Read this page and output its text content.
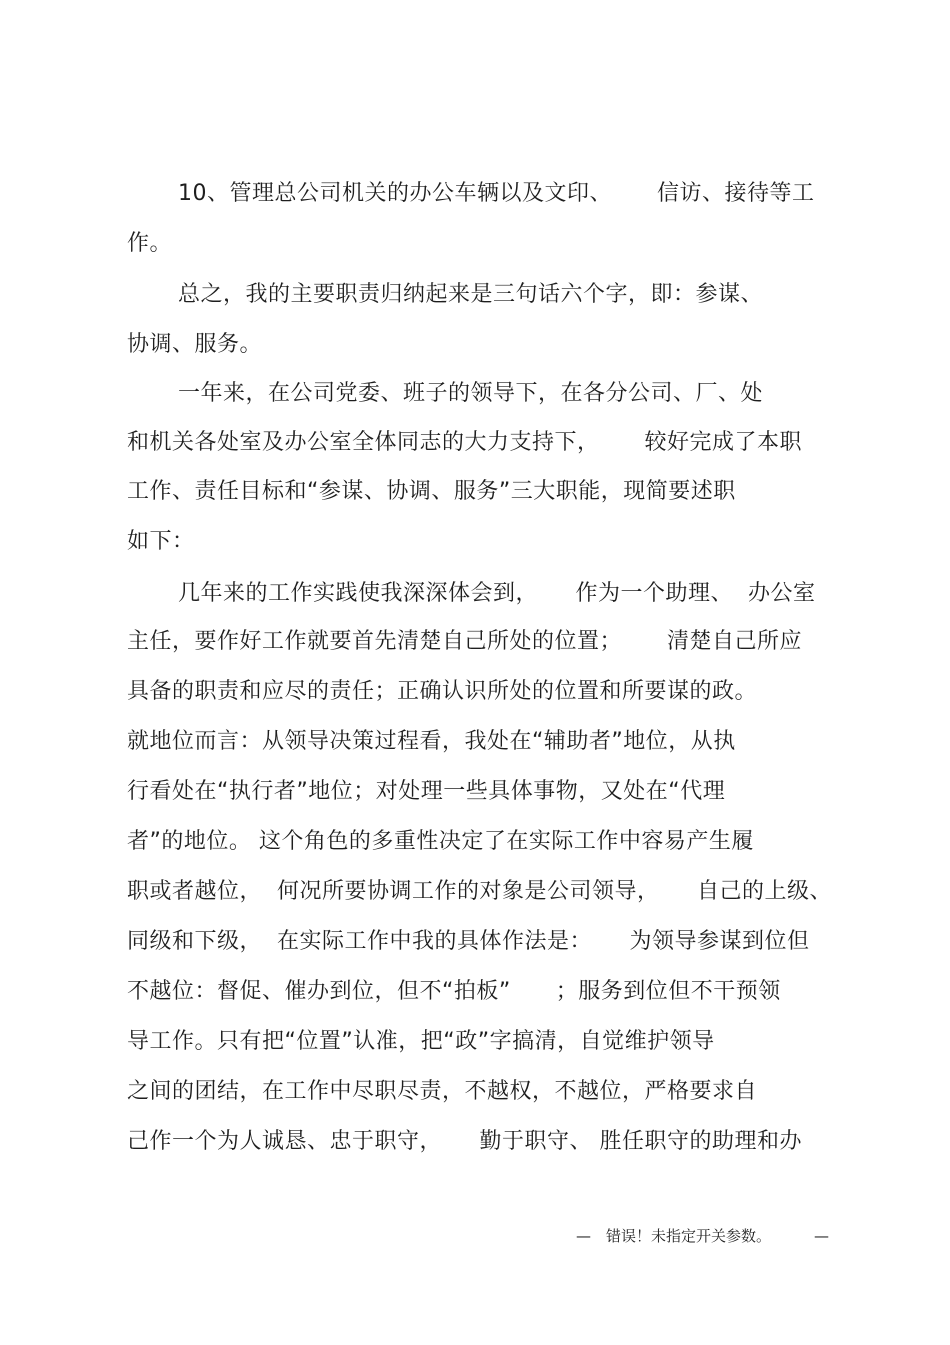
10、管理总公司机关的办公车辆以及文印、      信访、接待等工
作。
总之，我的主要职责归纳起来是三句话六个字，即：参谋、
协调、服务。
一年来，在公司党委、班子的领导下，在各分公司、厂、处
和机关各处室及办公室全体同志的大力支持下，      较好完成了本职
工作、责任目标和“参谋、协调、服务”三大职能，现简要述职
如下：
几年来的工作实践使我深深体会到，     作为一个助理、  办公室
主任，要作好工作就要首先清楚自己所处的位置；      清楚自己所应
具备的职责和应尽的责任；正确认识所处的位置和所要谋的政。
就地位而言：从领导决策过程看，我处在“辅助者”地位，从执
行看处在“执行者”地位；对处理一些具体事物，又处在“代理
者”的地位。 这个角色的多重性决定了在实际工作中容易产生履
职或者越位，  何况所要协调工作的对象是公司领导，     自己的上级、
同级和下级，  在实际工作中我的具体作法是：     为领导参谋到位但
不越位：督促、催办到位，但不“拍板”      ；服务到位但不干预领
导工作。只有把“位置”认准，把“政”字搞清，自觉维护领导
之间的团结，在工作中尽职尽责，不越权，不越位，严格要求自
己作一个为人诚恳、忠于职守，     勤于职守、 胜任职守的助理和办
— 错误！未指定开关参数。	—
